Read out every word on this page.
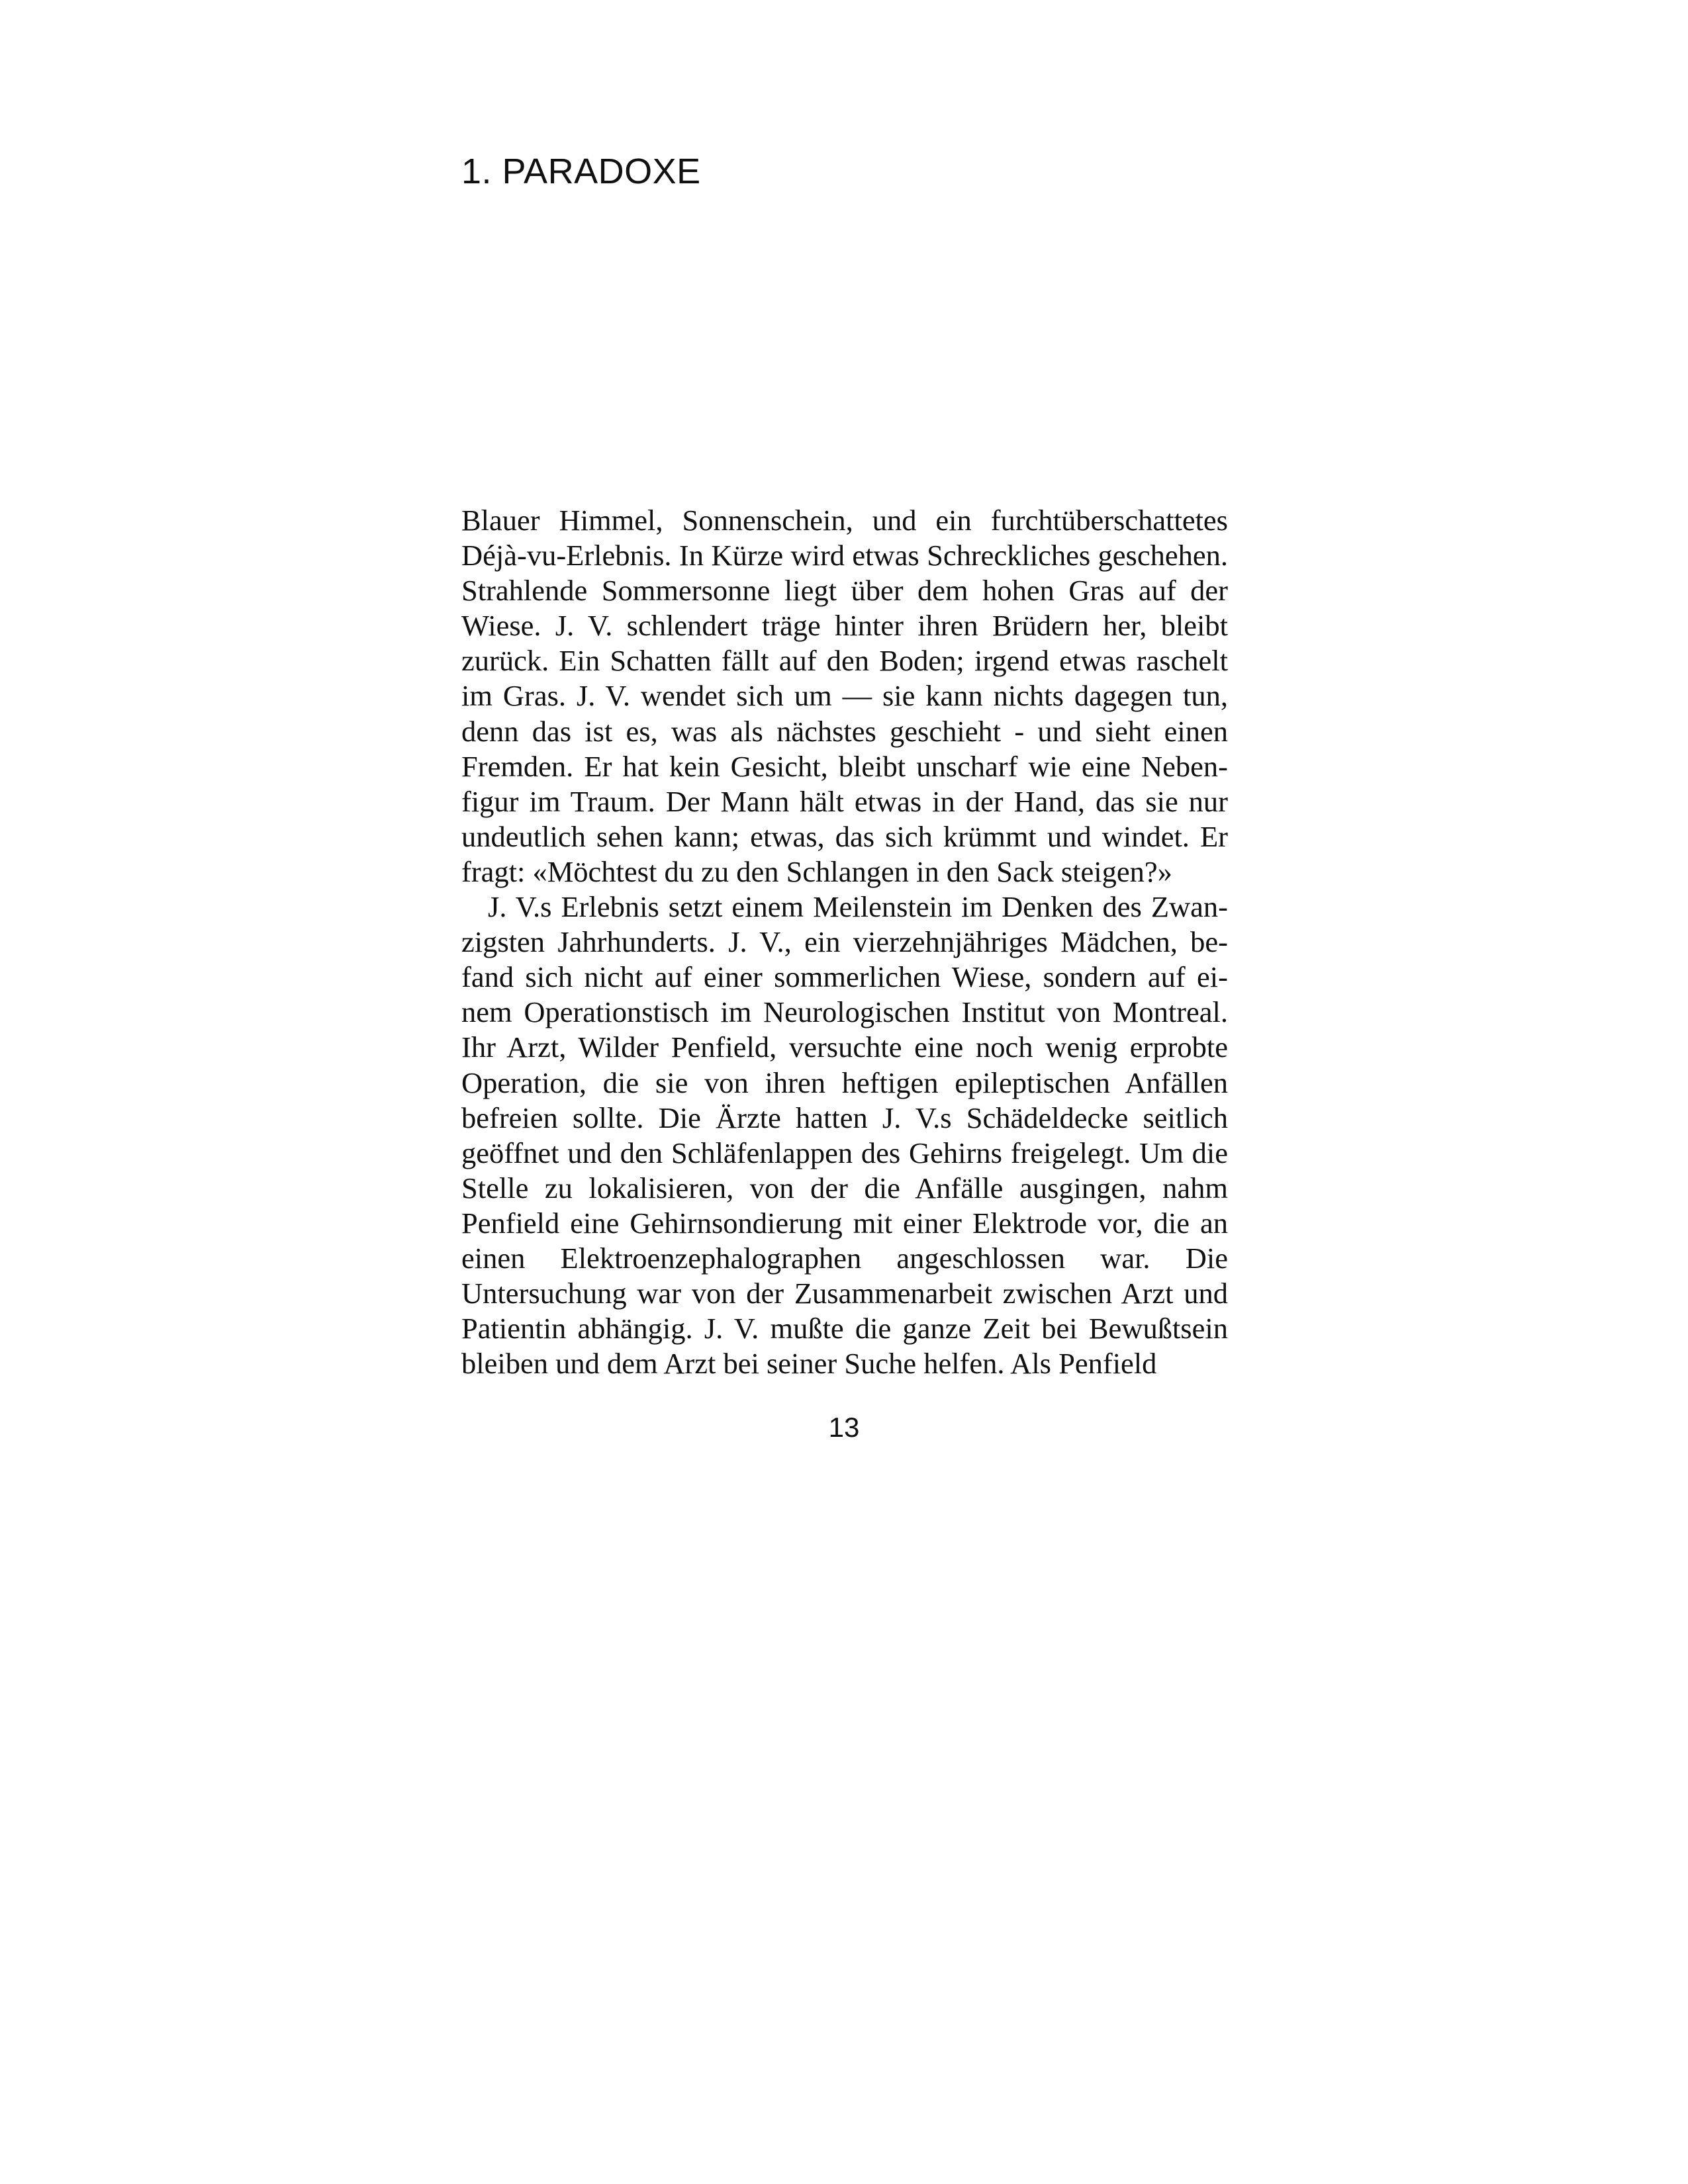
1. PARADOXE

Blauer Himmel, Sonnenschein, und ein furchtüberschattetes Déjà-vu-Erlebnis. In Kürze wird etwas Schreckliches geschehen. Strahlende Sommersonne liegt über dem hohen Gras auf der Wiese. J. V. schlendert träge hinter ihren Brüdern her, bleibt zurück. Ein Schatten fällt auf den Boden; irgend etwas raschelt im Gras. J. V. wendet sich um — sie kann nichts dagegen tun, denn das ist es, was als nächstes geschieht - und sieht einen Fremden. Er hat kein Gesicht, bleibt unscharf wie eine Nebenfigur im Traum. Der Mann hält etwas in der Hand, das sie nur undeutlich sehen kann; etwas, das sich krümmt und windet. Er fragt: «Möchtest du zu den Schlangen in den Sack steigen?»

J. V.s Erlebnis setzt einem Meilenstein im Denken des Zwanzigsten Jahrhunderts. J. V., ein vierzehnjähriges Mädchen, befand sich nicht auf einer sommerlichen Wiese, sondern auf einem Operationstisch im Neurologischen Institut von Montreal. Ihr Arzt, Wilder Penfield, versuchte eine noch wenig erprobte Operation, die sie von ihren heftigen epileptischen Anfällen befreien sollte. Die Ärzte hatten J. V.s Schädeldecke seitlich geöffnet und den Schläfenlappen des Gehirns freigelegt. Um die Stelle zu lokalisieren, von der die Anfälle ausgingen, nahm Penfield eine Gehirnsondierung mit einer Elektrode vor, die an einen Elektroenzephalographen angeschlossen war. Die Untersuchung war von der Zusammenarbeit zwischen Arzt und Patientin abhängig. J. V. mußte die ganze Zeit bei Bewußtsein bleiben und dem Arzt bei seiner Suche helfen. Als Penfield

13
